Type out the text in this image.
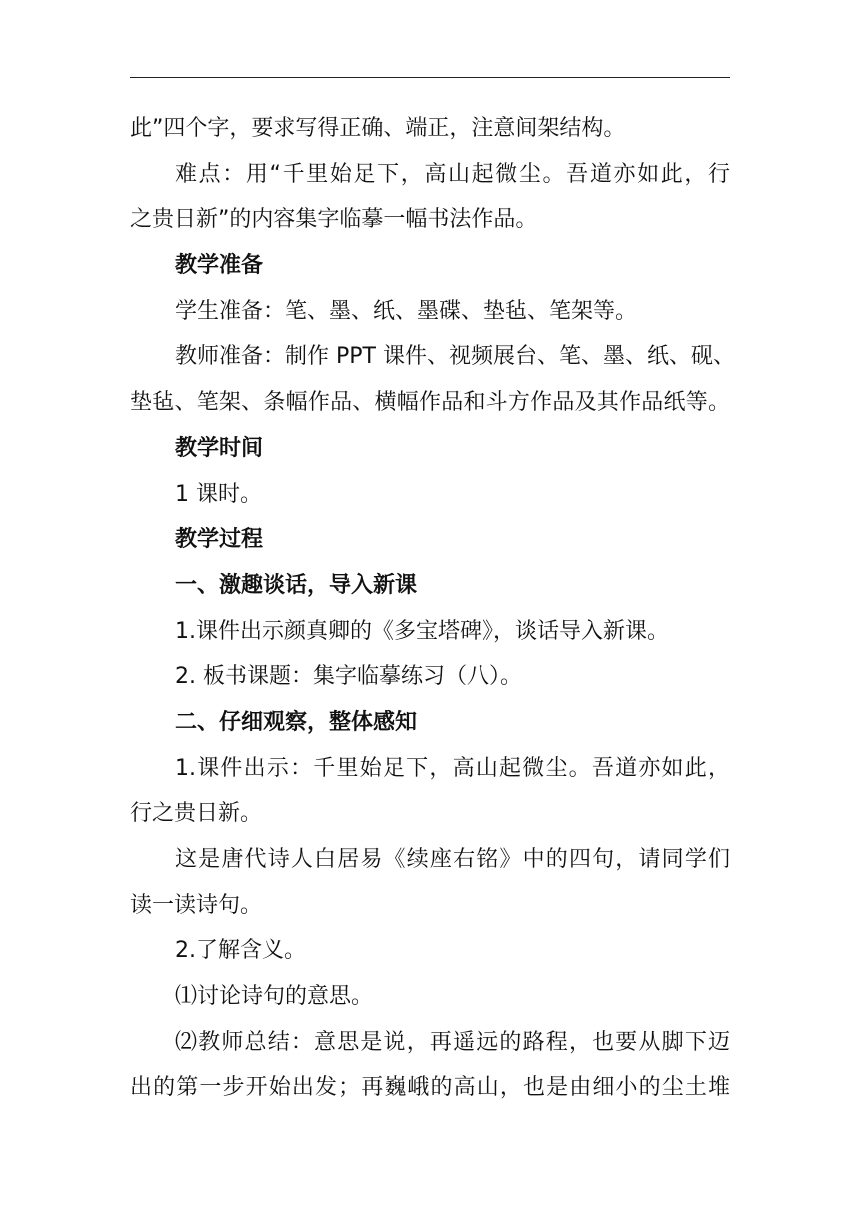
此”四个字，要求写得正确、端正，注意间架结构。
难点：用“千里始足下，高山起微尘。吾道亦如此，行
之贵日新”的内容集字临摹一幅书法作品。
教学准备
学生准备：笔、墨、纸、墨碟、垫毡、笔架等。
教师准备：制作 PPT 课件、视频展台、笔、墨、纸、砚、
垫毡、笔架、条幅作品、横幅作品和斗方作品及其作品纸等。
教学时间
1 课时。
教学过程
一、激趣谈话，导入新课
1.课件出示颜真卿的《多宝塔碑》，谈话导入新课。
2. 板书课题：集字临摹练习（八）。
二、仔细观察，整体感知
1.课件出示：千里始足下，高山起微尘。吾道亦如此，
行之贵日新。
这是唐代诗人白居易《续座右铭》中的四句，请同学们
读一读诗句。
2.了解含义。
⑴讨论诗句的意思。
⑵教师总结：意思是说，再遥远的路程，也要从脚下迈
出的第一步开始出发；再巍峨的高山，也是由细小的尘土堆
